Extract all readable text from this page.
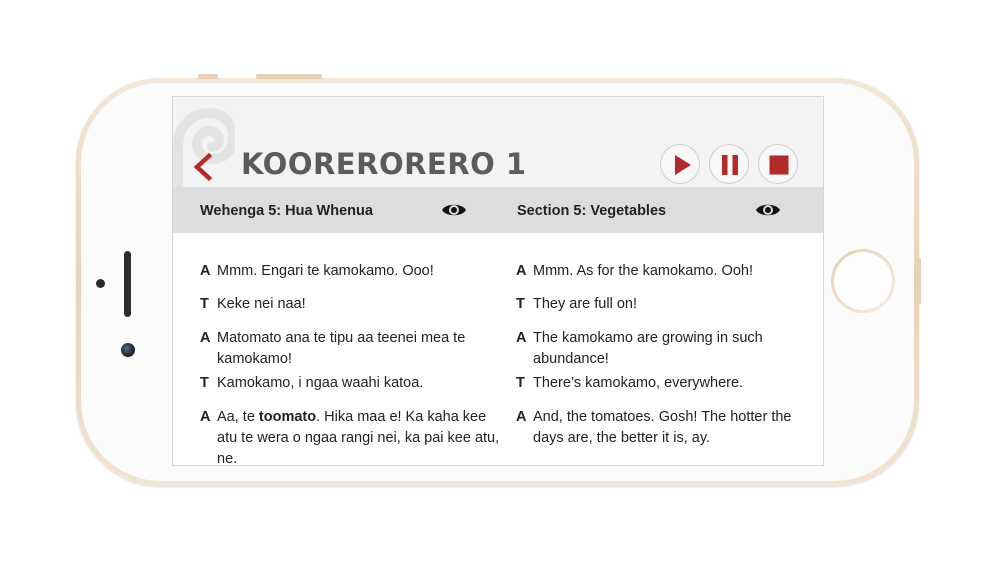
KOORERORERO 1
Wehenga 5: Hua Whenua	Section 5: Vegetables
A Mmm. Engari te kamokamo. Ooo!
T Keke nei naa!
A Matomato ana te tipu aa teenei mea te kamokamo!
T Kamokamo, i ngaa waahi katoa.
A Aa, te toomato. Hika maa e! Ka kaha kee atu te wera o ngaa rangi nei, ka pai kee atu, ne.
A Mmm. As for the kamokamo. Ooh!
T They are full on!
A The kamokamo are growing in such abundance!
T There’s kamokamo, everywhere.
A And, the tomatoes. Gosh! The hotter the days are, the better it is, ay.
